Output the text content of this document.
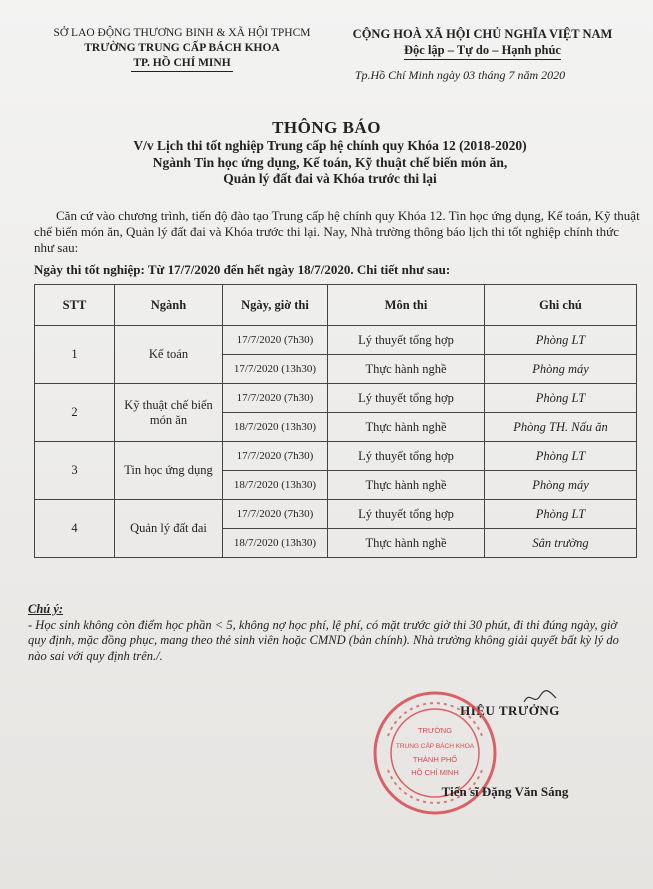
SỞ LAO ĐỘNG THƯƠNG BINH & XÃ HỘI TPHCM
TRƯỜNG TRUNG CẤP BÁCH KHOA
TP. HỒ CHÍ MINH
CỘNG HOÀ XÃ HỘI CHỦ NGHĨA VIỆT NAM
Độc lập – Tự do – Hạnh phúc
Tp.Hồ Chí Minh ngày 03 tháng 7 năm 2020
THÔNG BÁO
V/v Lịch thi tốt nghiệp Trung cấp hệ chính quy Khóa 12 (2018-2020)
Ngành Tin học ứng dụng, Kế toán, Kỹ thuật chế biến món ăn,
Quản lý đất đai và Khóa trước thi lại

Căn cứ vào chương trình, tiến độ đào tạo Trung cấp hệ chính quy Khóa 12. Tin học ứng dụng, Kế toán, Kỹ thuật chế biến món ăn, Quản lý đất đai và Khóa trước thi lại. Nay, Nhà trường thông báo lịch thi tốt nghiệp chính thức như sau:

Ngày thi tốt nghiệp: Từ 17/7/2020 đến hết ngày 18/7/2020. Chi tiết như sau:
STT	Ngành	Ngày, giờ thi	Môn thi	Ghi chú
1	Kế toán	17/7/2020 (7h30)	Lý thuyết tổng hợp	Phòng LT
		17/7/2020 (13h30)	Thực hành nghề	Phòng máy
2	Kỹ thuật chế biến món ăn	17/7/2020 (7h30)	Lý thuyết tổng hợp	Phòng LT
		18/7/2020 (13h30)	Thực hành nghề	Phòng TH. Nấu ăn
3	Tin học ứng dụng	17/7/2020 (7h30)	Lý thuyết tổng hợp	Phòng LT
		18/7/2020 (13h30)	Thực hành nghề	Phòng máy
4	Quản lý đất đai	17/7/2020 (7h30)	Lý thuyết tổng hợp	Phòng LT
		18/7/2020 (13h30)	Thực hành nghề	Sân trường
Chú ý:
- Học sinh không còn điểm học phần < 5, không nợ học phí, lệ phí, có mặt trước giờ thi 30 phút, đi thi đúng ngày, giờ quy định, mặc đồng phục, mang theo thẻ sinh viên hoặc CMND (bản chính). Nhà trường không giải quyết bất kỳ lý do nào sai với quy định trên./.
HIỆU TRƯỞNG
TRƯỜNG
TRUNG CẤP BÁCH KHOA
THÀNH PHỐ
HỒ CHÍ MINH
Tiến sĩ Đặng Văn Sáng
